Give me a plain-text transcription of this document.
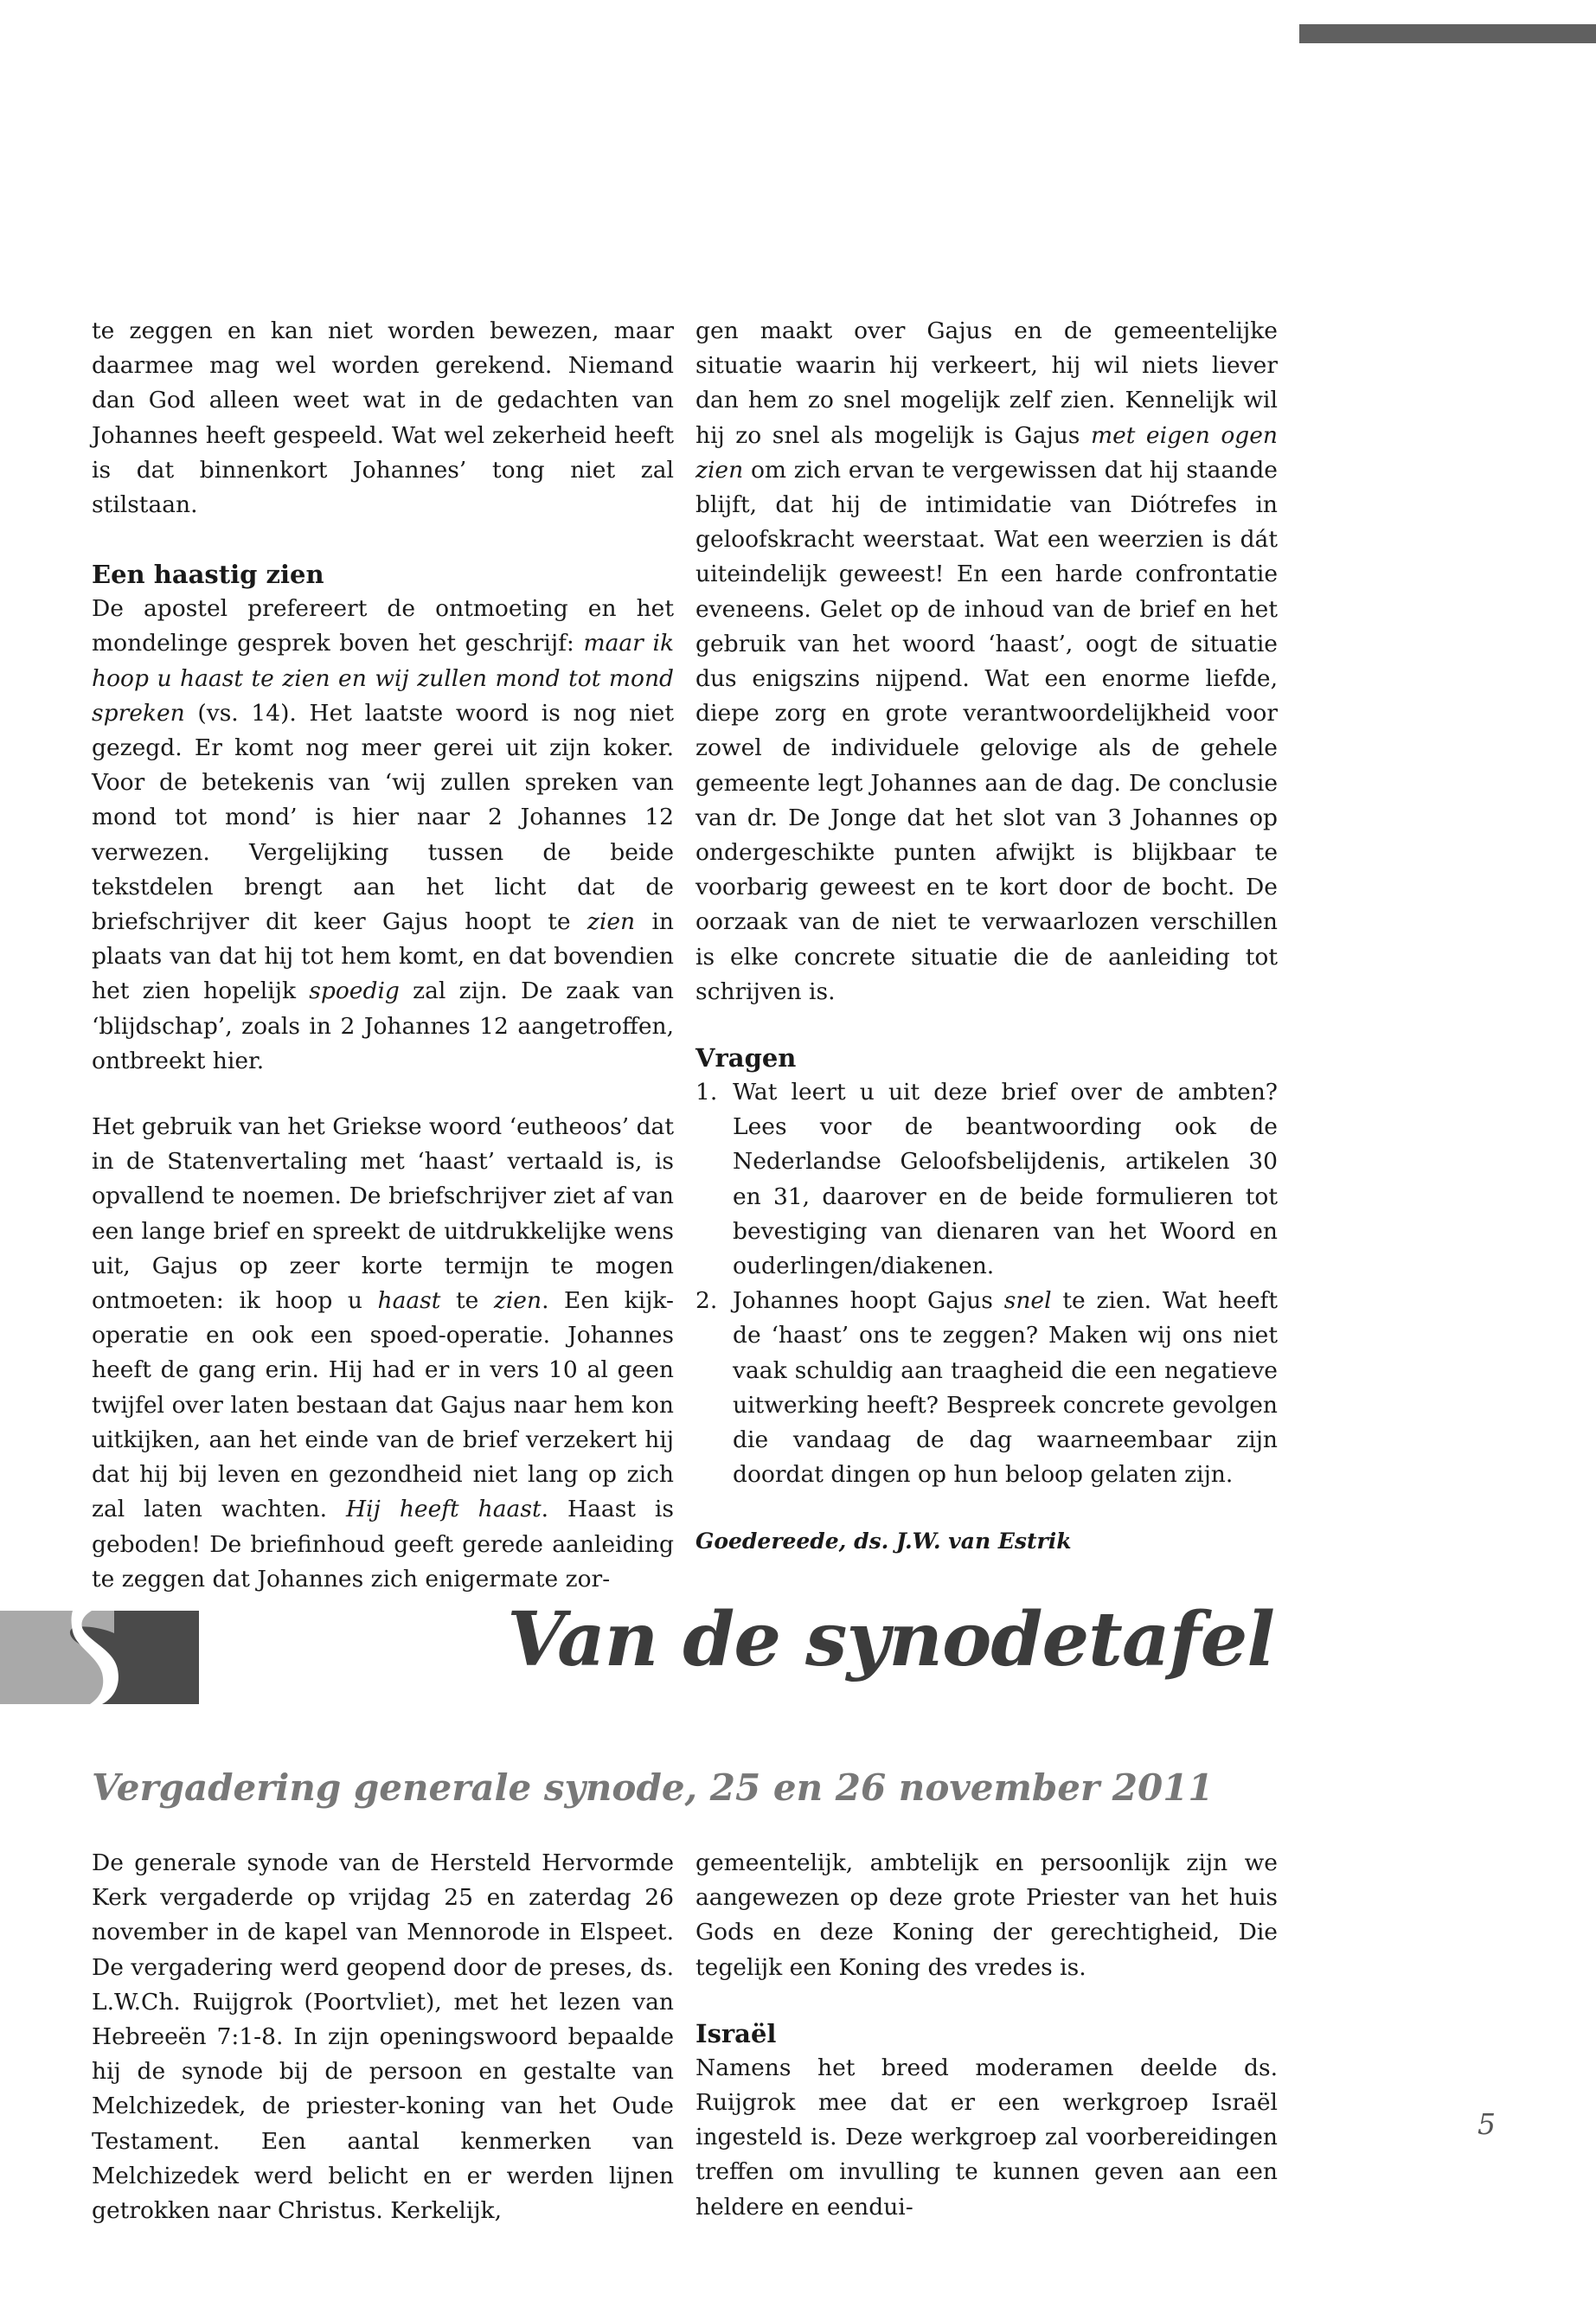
te zeggen en kan niet worden bewezen, maar daarmee mag wel worden gerekend. Niemand dan God alleen weet wat in de gedachten van Johannes heeft gespeeld. Wat wel zekerheid heeft is dat binnenkort Johannes’ tong niet zal stilstaan.

Een haastig zien

De apostel prefereert de ontmoeting en het mondelinge gesprek boven het geschrijf: maar ik hoop u haast te zien en wij zullen mond tot mond spreken (vs. 14). Het laatste woord is nog niet gezegd. Er komt nog meer gerei uit zijn koker. Voor de betekenis van ‘wij zullen spreken van mond tot mond’ is hier naar 2 Johannes 12 verwezen. Vergelijking tussen de beide tekstdelen brengt aan het licht dat de briefschrijver dit keer Gajus hoopt te zien in plaats van dat hij tot hem komt, en dat bovendien het zien hopelijk spoedig zal zijn. De zaak van ‘blijdschap’, zoals in 2 Johannes 12 aangetroffen, ontbreekt hier.

Het gebruik van het Griekse woord ‘eutheoos’ dat in de Statenvertaling met ‘haast’ vertaald is, is opvallend te noemen. De briefschrijver ziet af van een lange brief en spreekt de uitdrukkelijke wens uit, Gajus op zeer korte termijn te mogen ontmoeten: ik hoop u haast te zien. Een kijk-operatie en ook een spoed-operatie. Johannes heeft de gang erin. Hij had er in vers 10 al geen twijfel over laten bestaan dat Gajus naar hem kon uitkijken, aan het einde van de brief verzekert hij dat hij bij leven en gezondheid niet lang op zich zal laten wachten. Hij heeft haast. Haast is geboden! De briefinhoud geeft gerede aanleiding te zeggen dat Johannes zich enigermate zor-

gen maakt over Gajus en de gemeentelijke situatie waarin hij verkeert, hij wil niets liever dan hem zo snel mogelijk zelf zien. Kennelijk wil hij zo snel als mogelijk is Gajus met eigen ogen zien om zich ervan te vergewissen dat hij staande blijft, dat hij de intimidatie van Diótrefes in geloofskracht weerstaat. Wat een weerzien is dát uiteindelijk geweest! En een harde confrontatie eveneens. Gelet op de inhoud van de brief en het gebruik van het woord ‘haast’, oogt de situatie dus enigszins nijpend. Wat een enorme liefde, diepe zorg en grote verantwoordelijkheid voor zowel de individuele gelovige als de gehele gemeente legt Johannes aan de dag. De conclusie van dr. De Jonge dat het slot van 3 Johannes op ondergeschikte punten afwijkt is blijkbaar te voorbarig geweest en te kort door de bocht. De oorzaak van de niet te verwaarlozen verschillen is elke concrete situatie die de aanleiding tot schrijven is.

Vragen
1. Wat leert u uit deze brief over de ambten? Lees voor de beantwoording ook de Nederlandse Geloofsbelijdenis, artikelen 30 en 31, daarover en de beide formulieren tot bevestiging van dienaren van het Woord en ouderlingen/diakenen.
2. Johannes hoopt Gajus snel te zien. Wat heeft de ‘haast’ ons te zeggen? Maken wij ons niet vaak schuldig aan traagheid die een negatieve uitwerking heeft? Bespreek concrete gevolgen die vandaag de dag waarneembaar zijn doordat dingen op hun beloop gelaten zijn.

Goedereede, ds. J.W. van Estrik

Van de synodetafel
Vergadering generale synode, 25 en 26 november 2011

De generale synode van de Hersteld Hervormde Kerk vergaderde op vrijdag 25 en zaterdag 26 november in de kapel van Mennorode in Elspeet. De vergadering werd geopend door de preses, ds. L.W.Ch. Ruijgrok (Poortvliet), met het lezen van Hebreeën 7:1-8. In zijn openingswoord bepaalde hij de synode bij de persoon en gestalte van Melchizedek, de priester-koning van het Oude Testament. Een aantal kenmerken van Melchizedek werd belicht en er werden lijnen getrokken naar Christus. Kerkelijk,

gemeentelijk, ambtelijk en persoonlijk zijn we aangewezen op deze grote Priester van het huis Gods en deze Koning der gerechtigheid, Die tegelijk een Koning des vredes is.

Israël

Namens het breed moderamen deelde ds. Ruijgrok mee dat er een werkgroep Israël ingesteld is. Deze werkgroep zal voorbereidingen treffen om invulling te kunnen geven aan een heldere en eendui-

5
